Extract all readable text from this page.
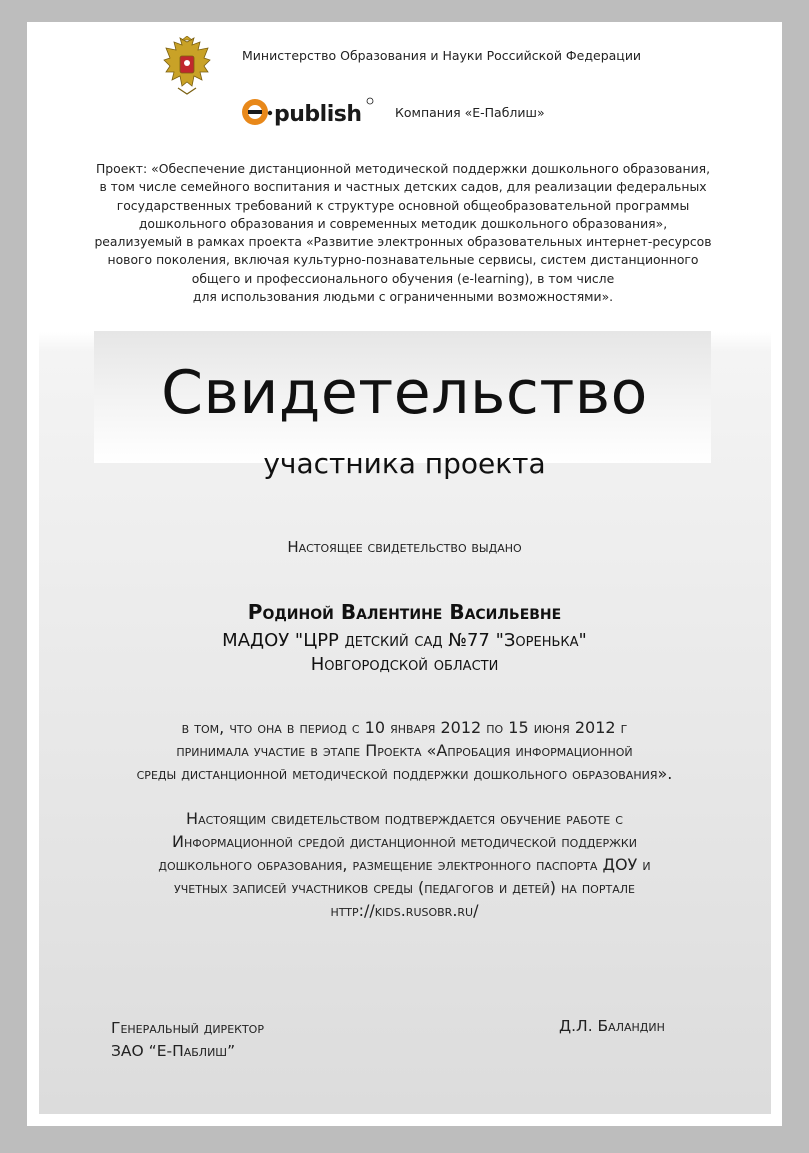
Министерство Образования и Науки Российской Федерации
publish	Компания «Е-Паблиш»
Проект: «Обеспечение дистанционной методической поддержки дошкольного образования,
в том числе семейного воспитания и частных детских садов, для реализации федеральных
государственных требований к структуре основной общеобразовательной программы
дошкольного образования и современных методик дошкольного образования»,
реализуемый в рамках проекта «Развитие электронных образовательных интернет-ресурсов
нового поколения, включая культурно-познавательные сервисы, систем дистанционного
общего и профессионального обучения (e-learning), в том числе
для использования людьми с ограниченными возможностями».
Свидетельство
участника проекта
Настоящее свидетельство выдано
Родиной Валентине Васильевне
МАДОУ "ЦРР детский сад №77 "Зоренька"
Новгородской области
в том, что она в период с 10 января 2012 по 15 июня 2012 г
принимала участие в этапе Проекта «Апробация информационной
среды дистанционной методической поддержки дошкольного образования».
Настоящим свидетельством подтверждается обучение работе с
Информационной средой дистанционной методической поддержки
дошкольного образования, размещение электронного паспорта ДОУ и
учетных записей участников среды (педагогов и детей) на портале
http://kids.rusobr.ru/
Генеральный директор
ЗАО “Е-Паблиш”
Д.Л. Баландин
